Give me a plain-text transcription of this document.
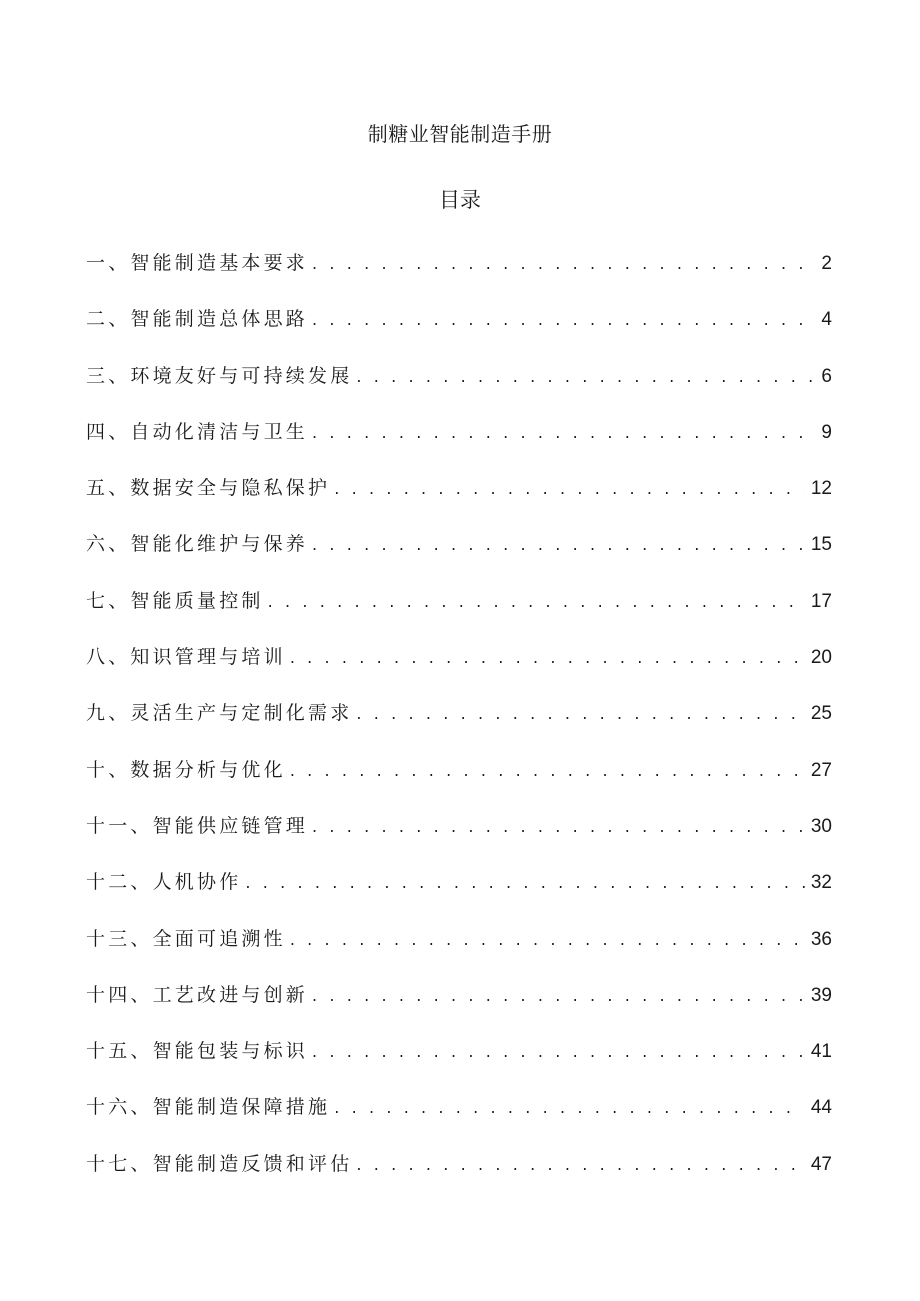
制糖业智能制造手册
目录
一、智能制造基本要求 . . .	2
二、智能制造总体思路 . . .	4
三、环境友好与可持续发展 . . .	6
四、自动化清洁与卫生 . . .	9
五、数据安全与隐私保护 . . .	12
六、智能化维护与保养 . . .	15
七、智能质量控制 . . .	17
八、知识管理与培训 . . .	20
九、灵活生产与定制化需求 . . .	25
十、数据分析与优化 . . .	27
十一、智能供应链管理 . . .	30
十二、人机协作 . . .	32
十三、全面可追溯性 . . .	36
十四、工艺改进与创新 . . .	39
十五、智能包装与标识 . . .	41
十六、智能制造保障措施 . . .	44
十七、智能制造反馈和评估 . . .	47
